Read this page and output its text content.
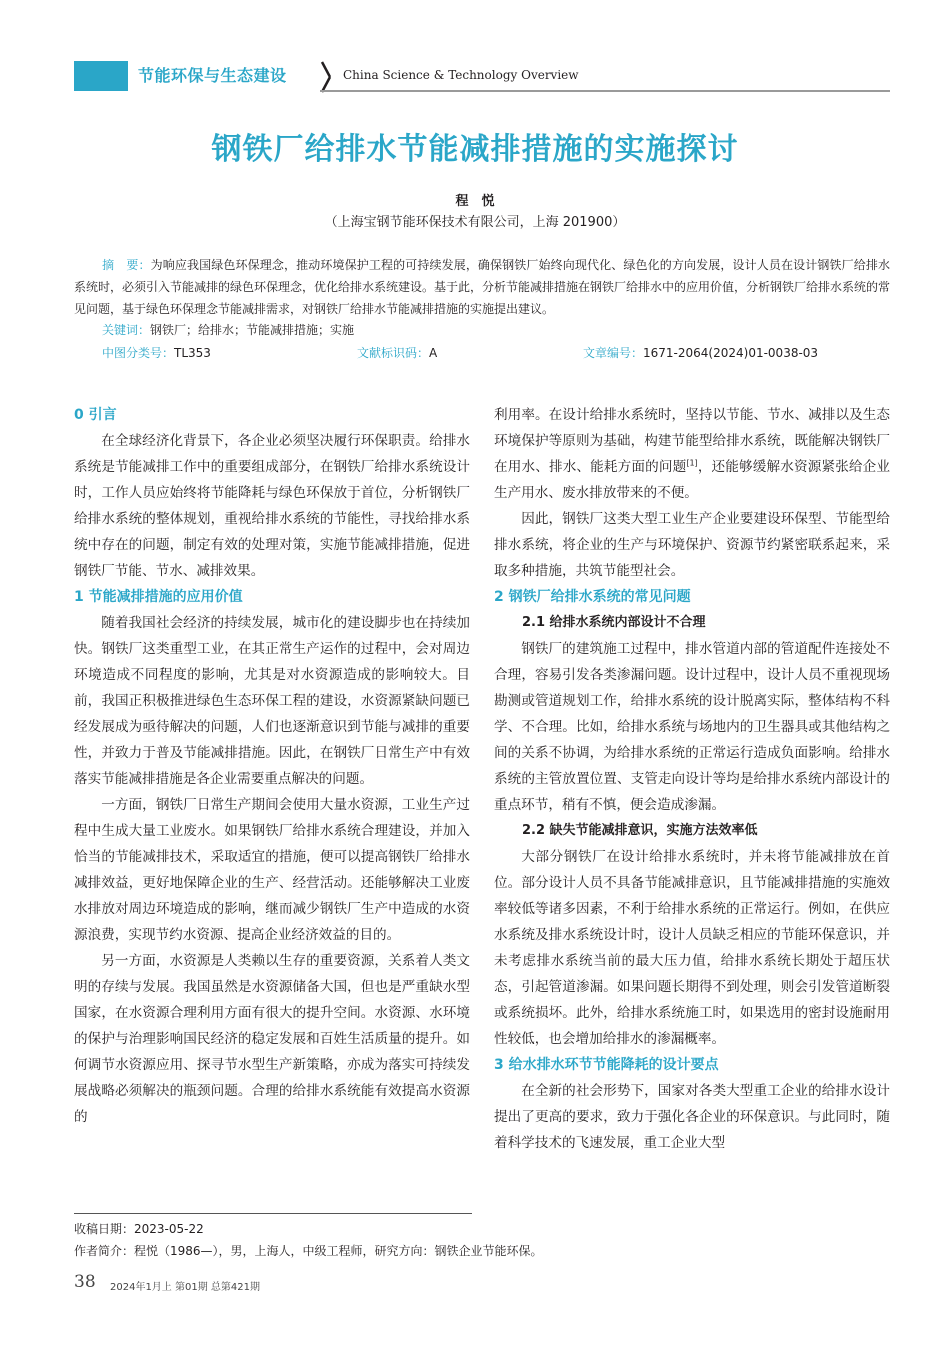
节能环保与生态建设	China Science & Technology Overview
钢铁厂给排水节能减排措施的实施探讨
程　悦
（上海宝钢节能环保技术有限公司，上海 201900）
摘　要：为响应我国绿色环保理念，推动环境保护工程的可持续发展，确保钢铁厂始终向现代化、绿色化的方向发展，设计人员在设计钢铁厂给排水系统时，必须引入节能减排的绿色环保理念，优化给排水系统建设。基于此，分析节能减排措施在钢铁厂给排水中的应用价值，分析钢铁厂给排水系统的常见问题，基于绿色环保理念节能减排需求，对钢铁厂给排水节能减排措施的实施提出建议。
关键词：钢铁厂；给排水；节能减排措施；实施
中图分类号：TL353	文献标识码：A	文章编号：1671-2064(2024)01-0038-03
0 引言

在全球经济化背景下，各企业必须坚决履行环保职责。给排水系统是节能减排工作中的重要组成部分，在钢铁厂给排水系统设计时，工作人员应始终将节能降耗与绿色环保放于首位，分析钢铁厂给排水系统的整体规划，重视给排水系统的节能性，寻找给排水系统中存在的问题，制定有效的处理对策，实施节能减排措施，促进钢铁厂节能、节水、减排效果。

1 节能减排措施的应用价值

随着我国社会经济的持续发展，城市化的建设脚步也在持续加快。钢铁厂这类重型工业，在其正常生产运作的过程中，会对周边环境造成不同程度的影响，尤其是对水资源造成的影响较大。目前，我国正积极推进绿色生态环保工程的建设，水资源紧缺问题已经发展成为亟待解决的问题，人们也逐渐意识到节能与减排的重要性，并致力于普及节能减排措施。因此，在钢铁厂日常生产中有效落实节能减排措施是各企业需要重点解决的问题。

一方面，钢铁厂日常生产期间会使用大量水资源，工业生产过程中生成大量工业废水。如果钢铁厂给排水系统合理建设，并加入恰当的节能减排技术，采取适宜的措施，便可以提高钢铁厂给排水减排效益，更好地保障企业的生产、经营活动。还能够解决工业废水排放对周边环境造成的影响，继而减少钢铁厂生产中造成的水资源浪费，实现节约水资源、提高企业经济效益的目的。

另一方面，水资源是人类赖以生存的重要资源，关系着人类文明的存续与发展。我国虽然是水资源储备大国，但也是严重缺水型国家，在水资源合理利用方面有很大的提升空间。水资源、水环境的保护与治理影响国民经济的稳定发展和百姓生活质量的提升。如何调节水资源应用、探寻节水型生产新策略，亦成为落实可持续发展战略必须解决的瓶颈问题。合理的给排水系统能有效提高水资源的

利用率。在设计给排水系统时，坚持以节能、节水、减排以及生态环境保护等原则为基础，构建节能型给排水系统，既能解决钢铁厂在用水、排水、能耗方面的问题[1]，还能够缓解水资源紧张给企业生产用水、废水排放带来的不便。

因此，钢铁厂这类大型工业生产企业要建设环保型、节能型给排水系统，将企业的生产与环境保护、资源节约紧密联系起来，采取多种措施，共筑节能型社会。

2 钢铁厂给排水系统的常见问题
2.1 给排水系统内部设计不合理

钢铁厂的建筑施工过程中，排水管道内部的管道配件连接处不合理，容易引发各类渗漏问题。设计过程中，设计人员不重视现场勘测或管道规划工作，给排水系统的设计脱离实际，整体结构不科学、不合理。比如，给排水系统与场地内的卫生器具或其他结构之间的关系不协调，为给排水系统的正常运行造成负面影响。给排水系统的主管放置位置、支管走向设计等均是给排水系统内部设计的重点环节，稍有不慎，便会造成渗漏。

2.2 缺失节能减排意识，实施方法效率低

大部分钢铁厂在设计给排水系统时，并未将节能减排放在首位。部分设计人员不具备节能减排意识，且节能减排措施的实施效率较低等诸多因素，不利于给排水系统的正常运行。例如，在供应水系统及排水系统设计时，设计人员缺乏相应的节能环保意识，并未考虑排水系统当前的最大压力值，给排水系统长期处于超压状态，引起管道渗漏。如果问题长期得不到处理，则会引发管道断裂或系统损坏。此外，给排水系统施工时，如果选用的密封设施耐用性较低，也会增加给排水的渗漏概率。

3 给水排水环节节能降耗的设计要点

在全新的社会形势下，国家对各类大型重工企业的给排水设计提出了更高的要求，致力于强化各企业的环保意识。与此同时，随着科学技术的飞速发展，重工企业大型

收稿日期：2023-05-22
作者简介：程悦（1986—），男，上海人，中级工程师，研究方向：钢铁企业节能环保。
38 2024年1月上 第01期 总第421期
